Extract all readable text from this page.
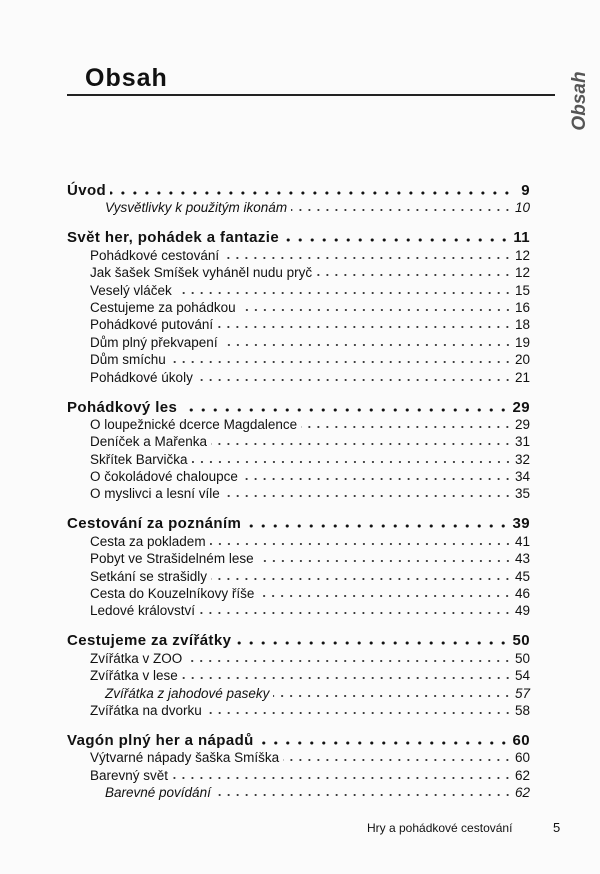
Obsah	Obsah
Úvod	9
Vysvětlivky k použitým ikonám	10
Svět her, pohádek a fantazie	11
Pohádkové cestování	12
Jak šašek Smíšek vyháněl nudu pryč	12
Veselý vláček	15
Cestujeme za pohádkou	16
Pohádkové putování	18
Dům plný překvapení	19
Dům smíchu	20
Pohádkové úkoly	21
Pohádkový les	29
O loupežnické dcerce Magdalence	29
Deníček a Mařenka	31
Skřítek Barvička	32
O čokoládové chaloupce	34
O myslivci a lesní víle	35
Cestování za poznáním	39
Cesta za pokladem	41
Pobyt ve Strašidelném lese	43
Setkání se strašidly	45
Cesta do Kouzelníkovy říše	46
Ledové království	49
Cestujeme za zvířátky	50
Zvířátka v ZOO	50
Zvířátka v lese	54
Zvířátka z jahodové paseky	57
Zvířátka na dvorku	58
Vagón plný her a nápadů	60
Výtvarné nápady šaška Smíška	60
Barevný svět	62
Barevné povídání	62
Hry a pohádkové cestování	5
